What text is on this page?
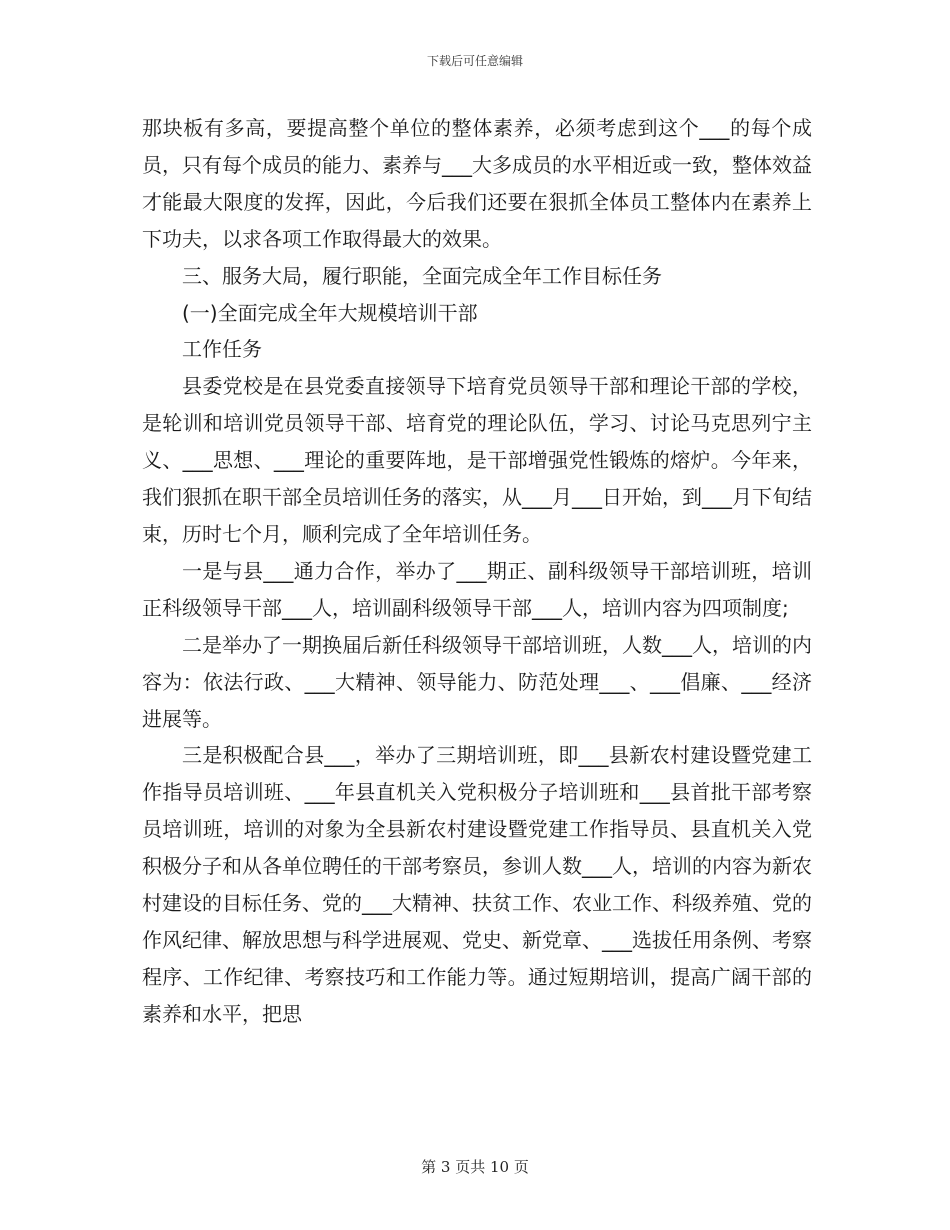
下载后可任意编辑

那块板有多高，要提高整个单位的整体素养，必须考虑到这个___的每个成员，只有每个成员的能力、素养与___大多成员的水平相近或一致，整体效益才能最大限度的发挥，因此，今后我们还要在狠抓全体员工整体内在素养上下功夫，以求各项工作取得最大的效果。

三、服务大局，履行职能，全面完成全年工作目标任务

(一)全面完成全年大规模培训干部

工作任务

县委党校是在县党委直接领导下培育党员领导干部和理论干部的学校，是轮训和培训党员领导干部、培育党的理论队伍，学习、讨论马克思列宁主义、___思想、___理论的重要阵地，是干部增强党性锻炼的熔炉。今年来，我们狠抓在职干部全员培训任务的落实，从___月___日开始，到___月下旬结束，历时七个月，顺利完成了全年培训任务。

一是与县___通力合作，举办了___期正、副科级领导干部培训班，培训正科级领导干部___人，培训副科级领导干部___人，培训内容为四项制度;

二是举办了一期换届后新任科级领导干部培训班，人数___人，培训的内容为：依法行政、___大精神、领导能力、防范处理___、___倡廉、___经济进展等。

三是积极配合县___，举办了三期培训班，即___县新农村建设暨党建工作指导员培训班、___年县直机关入党积极分子培训班和___县首批干部考察员培训班，培训的对象为全县新农村建设暨党建工作指导员、县直机关入党积极分子和从各单位聘任的干部考察员，参训人数___人，培训的内容为新农村建设的目标任务、党的___大精神、扶贫工作、农业工作、科级养殖、党的作风纪律、解放思想与科学进展观、党史、新党章、___选拔任用条例、考察程序、工作纪律、考察技巧和工作能力等。通过短期培训，提高广阔干部的素养和水平，把思

第 3 页共 10 页
